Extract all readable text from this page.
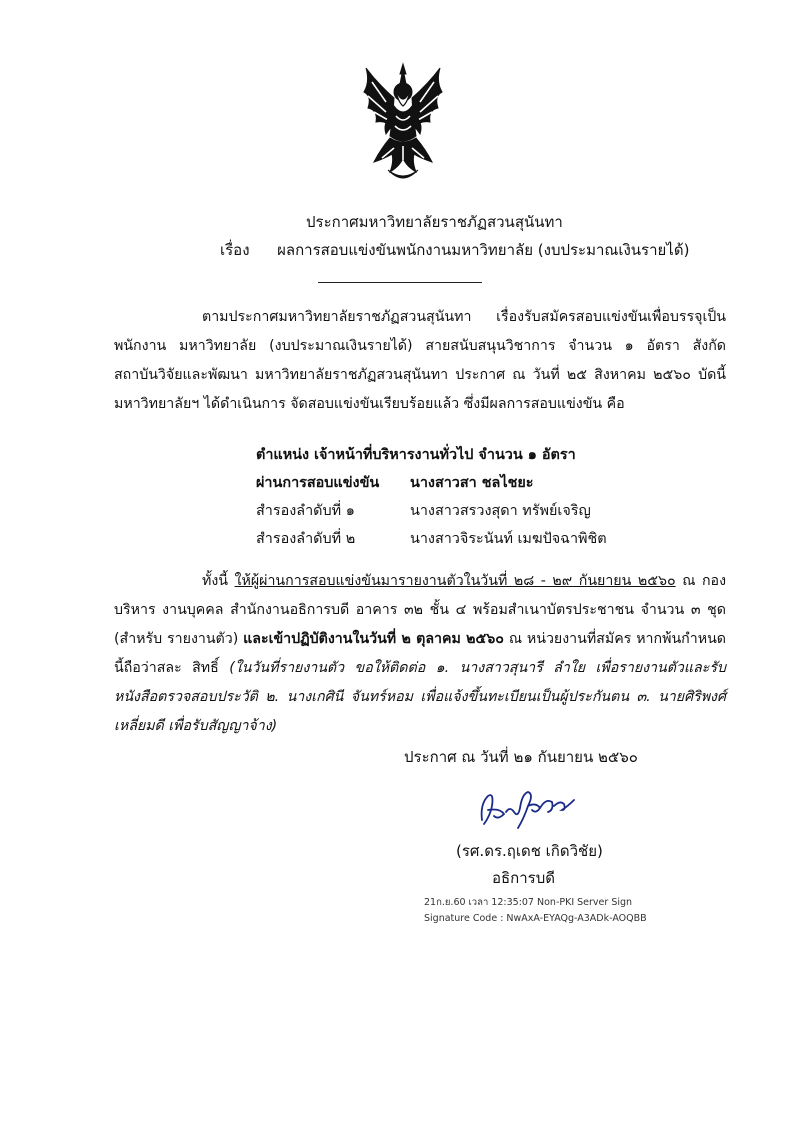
ประกาศมหาวิทยาลัยราชภัฏสวนสุนันทา
เรื่อง ผลการสอบแข่งขันพนักงานมหาวิทยาลัย (งบประมาณเงินรายได้)
ตามประกาศมหาวิทยาลัยราชภัฏสวนสุนันทา เรื่องรับสมัครสอบแข่งขันเพื่อบรรจุเป็นพนักงาน มหาวิทยาลัย (งบประมาณเงินรายได้) สายสนับสนุนวิชาการ จำนวน ๑ อัตรา สังกัด สถาบันวิจัยและพัฒนา มหาวิทยาลัยราชภัฏสวนสุนันทา ประกาศ ณ วันที่ ๒๕ สิงหาคม ๒๕๖๐ บัดนี้ มหาวิทยาลัยฯ ได้ดำเนินการ จัดสอบแข่งขันเรียบร้อยแล้ว ซึ่งมีผลการสอบแข่งขัน คือ
ตำแหน่ง เจ้าหน้าที่บริหารงานทั่วไป จำนวน ๑ อัตรา
ผ่านการสอบแข่งขัน นางสาวสา ชลไชยะ
สำรองลำดับที่ ๑	นางสาวสรวงสุดา ทรัพย์เจริญ
สำรองลำดับที่ ๒	นางสาวจิระนันท์ เมฆปัจฉาพิชิต
ทั้งนี้ ให้ผู้ผ่านการสอบแข่งขันมารายงานตัวในวันที่ ๒๘ - ๒๙ กันยายน ๒๕๖๐ ณ กองบริหาร งานบุคคล สำนักงานอธิการบดี อาคาร ๓๒ ชั้น ๔ พร้อมสำเนาบัตรประชาชน จำนวน ๓ ชุด (สำหรับ รายงานตัว) และเข้าปฏิบัติงานในวันที่ ๒ ตุลาคม ๒๕๖๐ ณ หน่วยงานที่สมัคร หากพ้นกำหนดนี้ถือว่าสละ สิทธิ์ (ในวันที่รายงานตัว ขอให้ติดต่อ ๑. นางสาวสุนารี ลำใย เพื่อรายงานตัวและรับหนังสือตรวจสอบประวัติ ๒. นางเกศินี จันทร์หอม เพื่อแจ้งขึ้นทะเบียนเป็นผู้ประกันตน ๓. นายศิริพงศ์ เหลี่ยมดี เพื่อรับสัญญาจ้าง)
ประกาศ ณ วันที่ ๒๑ กันยายน ๒๕๖๐
(รศ.ดร.ฤเดช เกิดวิชัย)
อธิการบดี
21ก.ย.60 เวลา 12:35:07 Non-PKI Server Sign
Signature Code : NwAxA-EYAQg-A3ADk-AOQBB
